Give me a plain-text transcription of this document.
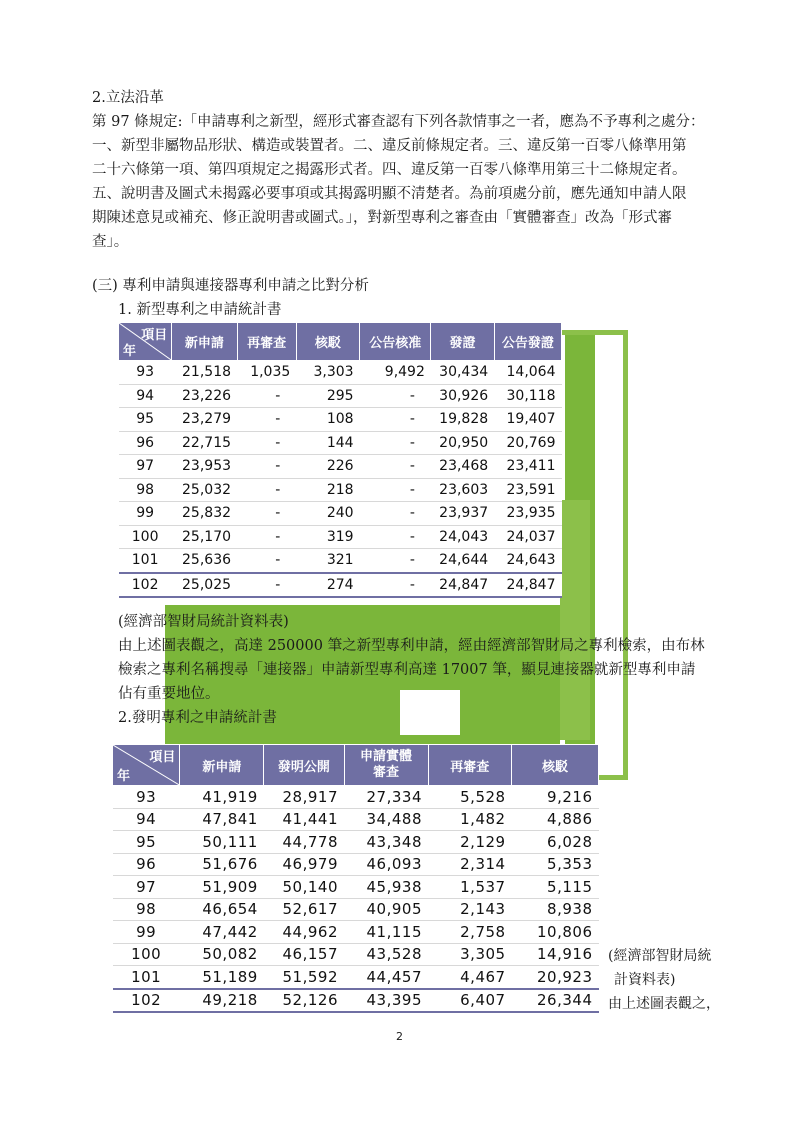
2.立法沿革
第 97 條規定:「申請專利之新型，經形式審查認有下列各款情事之一者，應為不予專利之處分：
一、新型非屬物品形狀、構造或裝置者。二、違反前條規定者。三、違反第一百零八條準用第
二十六條第一項、第四項規定之揭露形式者。四、違反第一百零八條準用第三十二條規定者。
五、說明書及圖式未揭露必要事項或其揭露明顯不清楚者。為前項處分前，應先通知申請人限
期陳述意見或補充、修正說明書或圖式。」，對新型專利之審查由「實體審查」改為「形式審
查」。
(三) 專利申請與連接器專利申請之比對分析
1. 新型專利之申請統計書
項目
年	新申請	再審查	核駁	公告核准	發證	公告發證
93	21,518	1,035	3,303	9,492	30,434	14,064
94	23,226	-	295	-	30,926	30,118
95	23,279	-	108	-	19,828	19,407
96	22,715	-	144	-	20,950	20,769
97	23,953	-	226	-	23,468	23,411
98	25,032	-	218	-	23,603	23,591
99	25,832	-	240	-	23,937	23,935
100	25,170	-	319	-	24,043	24,037
101	25,636	-	321	-	24,644	24,643
102	25,025	-	274	-	24,847	24,847
(經濟部智財局統計資料表)
由上述圖表觀之，高達 250000 筆之新型專利申請，經由經濟部智財局之專利檢索，由布林
檢索之專利名稱搜尋「連接器」申請新型專利高達 17007 筆，顯見連接器就新型專利申請
佔有重要地位。
2.發明專利之申請統計書
項目
年	新申請	發明公開	申請實體
審查	再審查	核駁
93	41,919	28,917	27,334	5,528	9,216
94	47,841	41,441	34,488	1,482	4,886
95	50,111	44,778	43,348	2,129	6,028
96	51,676	46,979	46,093	2,314	5,353
97	51,909	50,140	45,938	1,537	5,115
98	46,654	52,617	40,905	2,143	8,938
99	47,442	44,962	41,115	2,758	10,806
100	50,082	46,157	43,528	3,305	14,916
101	51,189	51,592	44,457	4,467	20,923
102	49,218	52,126	43,395	6,407	26,344
(經濟部智財局統
計資料表)
由上述圖表觀之，
2
